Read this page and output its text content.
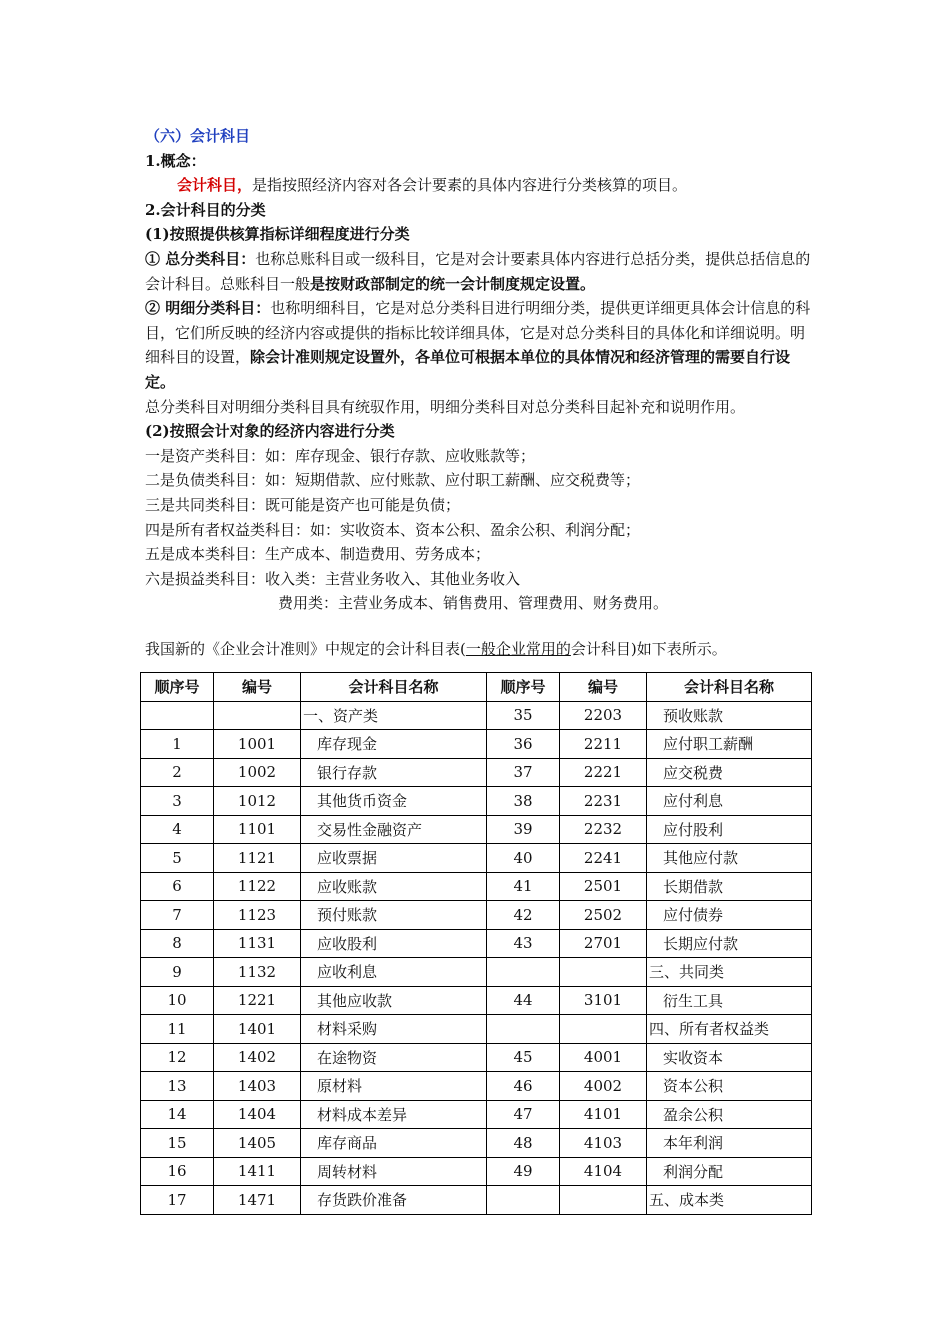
（六）会计科目
1.概念：
会计科目，是指按照经济内容对各会计要素的具体内容进行分类核算的项目。
2.会计科目的分类
(1)按照提供核算指标详细程度进行分类
① 总分类科目：也称总账科目或一级科目，它是对会计要素具体内容进行总括分类，提供总括信息的会计科目。总账科目一般是按财政部制定的统一会计制度规定设置。
② 明细分类科目：也称明细科目，它是对总分类科目进行明细分类，提供更详细更具体会计信息的科目，它们所反映的经济内容或提供的指标比较详细具体，它是对总分类科目的具体化和详细说明。明细科目的设置，除会计准则规定设置外，各单位可根据本单位的具体情况和经济管理的需要自行设定。
总分类科目对明细分类科目具有统驭作用，明细分类科目对总分类科目起补充和说明作用。
(2)按照会计对象的经济内容进行分类
一是资产类科目：如：库存现金、银行存款、应收账款等；
二是负债类科目：如：短期借款、应付账款、应付职工薪酬、应交税费等；
三是共同类科目：既可能是资产也可能是负债；
四是所有者权益类科目：如：实收资本、资本公积、盈余公积、利润分配；
五是成本类科目：生产成本、制造费用、劳务成本；
六是损益类科目：收入类：主营业务收入、其他业务收入
费用类：主营业务成本、销售费用、管理费用、财务费用。
我国新的《企业会计准则》中规定的会计科目表(一般企业常用的会计科目)如下表所示。
顺序号	编号	会计科目名称	顺序号	编号	会计科目名称
		一、资产类	35	2203	预收账款
1	1001	库存现金	36	2211	应付职工薪酬
2	1002	银行存款	37	2221	应交税费
3	1012	其他货币资金	38	2231	应付利息
4	1101	交易性金融资产	39	2232	应付股利
5	1121	应收票据	40	2241	其他应付款
6	1122	应收账款	41	2501	长期借款
7	1123	预付账款	42	2502	应付债券
8	1131	应收股利	43	2701	长期应付款
9	1132	应收利息			三、共同类
10	1221	其他应收款	44	3101	衍生工具
11	1401	材料采购			四、所有者权益类
12	1402	在途物资	45	4001	实收资本
13	1403	原材料	46	4002	资本公积
14	1404	材料成本差异	47	4101	盈余公积
15	1405	库存商品	48	4103	本年利润
16	1411	周转材料	49	4104	利润分配
17	1471	存货跌价准备			五、成本类
